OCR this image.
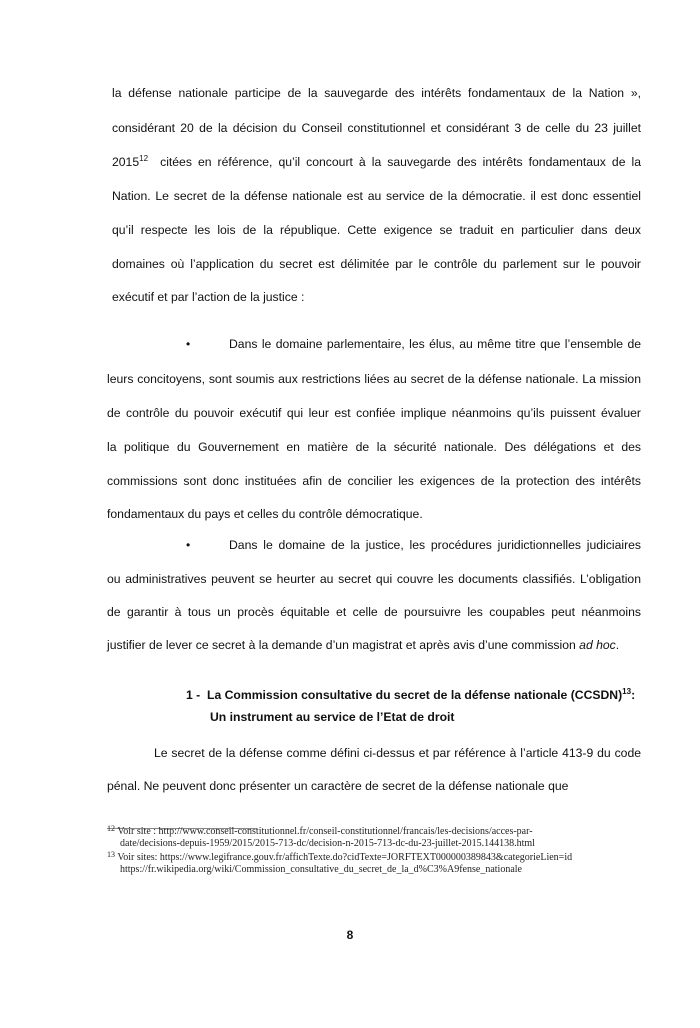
la défense nationale participe de la sauvegarde des intérêts fondamentaux de la Nation »,
considérant 20 de la décision du Conseil constitutionnel et considérant 3 de celle du 23 juillet
2015$^{12}$ citées en référence, qu’il concourt à la sauvegarde des intérêts fondamentaux de la
Nation. Le secret de la défense nationale est au service de la démocratie. il est donc essentiel
qu’il respecte les lois de la république. Cette exigence se traduit en particulier dans deux
domaines où l’application du secret est délimitée par le contrôle du parlement sur le pouvoir
exécutif et par l’action de la justice :
•	Dans le domaine parlementaire, les élus, au même titre que l’ensemble de
leurs concitoyens, sont soumis aux restrictions liées au secret de la défense nationale. La mission
de contrôle du pouvoir exécutif qui leur est confiée implique néanmoins qu’ils puissent évaluer
la politique du Gouvernement en matière de la sécurité nationale. Des délégations et des
commissions sont donc instituées afin de concilier les exigences de la protection des intérêts
fondamentaux du pays et celles du contrôle démocratique.
•	Dans le domaine de la justice, les procédures juridictionnelles judiciaires
ou administratives peuvent se heurter au secret qui couvre les documents classifiés. L’obligation
de garantir à tous un procès équitable et celle de poursuivre les coupables peut néanmoins
justifier de lever ce secret à la demande d’un magistrat et après avis d’une commission ad hoc.
1 - La Commission consultative du secret de la défense nationale (CCSDN)$^{13}$:
Un instrument au service de l’Etat de droit
Le secret de la défense comme défini ci-dessus et par référence à l’article 413-9 du code
pénal. Ne peuvent donc présenter un caractère de secret de la défense nationale que
$^{12}$ Voir site : http://www.conseil-constitutionnel.fr/conseil-constitutionnel/francais/les-decisions/acces-par-
date/decisions-depuis-1959/2015/2015-713-dc/decision-n-2015-713-dc-du-23-juillet-2015.144138.html
$^{13}$ Voir sites: https://www.legifrance.gouv.fr/affichTexte.do?cidTexte=JORFTEXT000000389843&categorieLien=id
https://fr.wikipedia.org/wiki/Commission_consultative_du_secret_de_la_d%C3%A9fense_nationale
8
